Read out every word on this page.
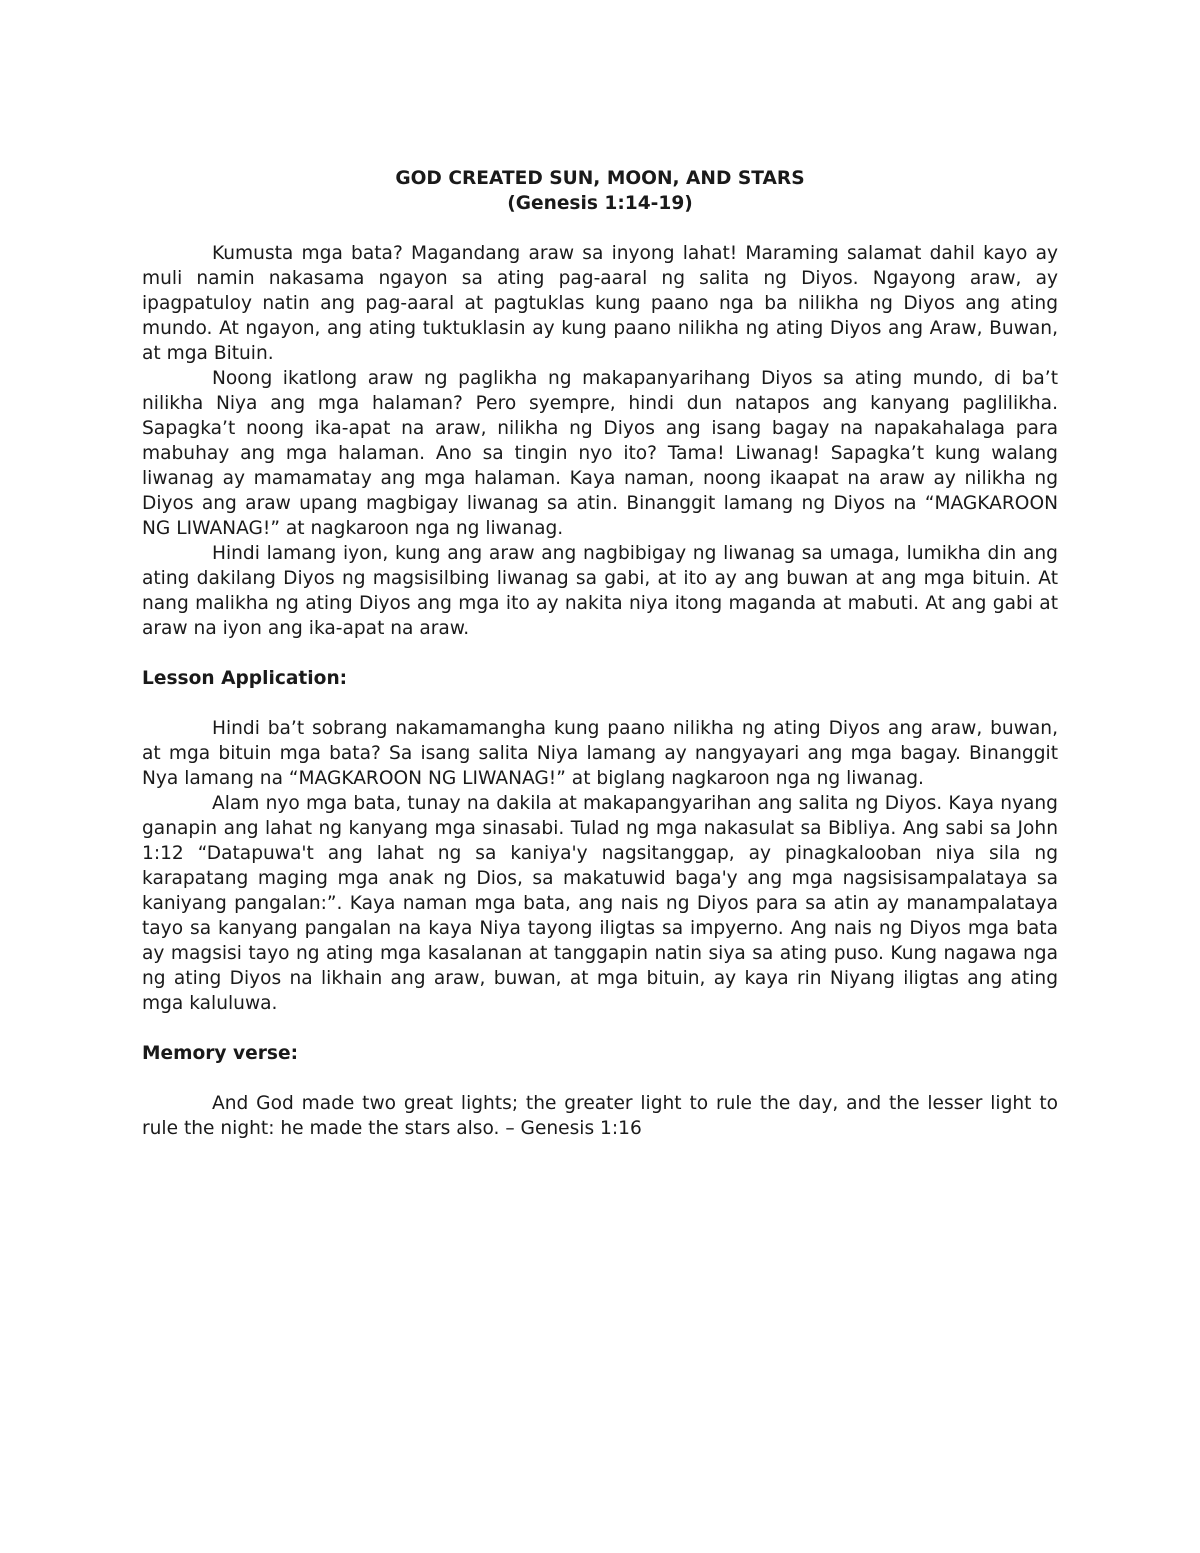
GOD CREATED SUN, MOON, AND STARS

(Genesis 1:14-19)

Kumusta mga bata? Magandang araw sa inyong lahat! Maraming salamat dahil kayo ay muli namin nakasama ngayon sa ating pag-aaral ng salita ng Diyos. Ngayong araw, ay ipagpatuloy natin ang pag-aaral at pagtuklas kung paano nga ba nilikha ng Diyos ang ating mundo. At ngayon, ang ating tuktuklasin ay kung paano nilikha ng ating Diyos ang Araw, Buwan, at mga Bituin.

Noong ikatlong araw ng paglikha ng makapanyarihang Diyos sa ating mundo, di ba’t nilikha Niya ang mga halaman? Pero syempre, hindi dun natapos ang kanyang paglilikha. Sapagka’t noong ika-apat na araw, nilikha ng Diyos ang isang bagay na napakahalaga para mabuhay ang mga halaman. Ano sa tingin nyo ito? Tama! Liwanag! Sapagka’t kung walang liwanag ay mamamatay ang mga halaman. Kaya naman, noong ikaapat na araw ay nilikha ng Diyos ang araw upang magbigay liwanag sa atin. Binanggit lamang ng Diyos na “MAGKAROON NG LIWANAG!” at nagkaroon nga ng liwanag.

Hindi lamang iyon, kung ang araw ang nagbibigay ng liwanag sa umaga, lumikha din ang ating dakilang Diyos ng magsisilbing liwanag sa gabi, at ito ay ang buwan at ang mga bituin. At nang malikha ng ating Diyos ang mga ito ay nakita niya itong maganda at mabuti. At ang gabi at araw na iyon ang ika-apat na araw.

Lesson Application:

Hindi ba’t sobrang nakamamangha kung paano nilikha ng ating Diyos ang araw, buwan, at mga bituin mga bata? Sa isang salita Niya lamang ay nangyayari ang mga bagay. Binanggit Nya lamang na “MAGKAROON NG LIWANAG!” at biglang nagkaroon nga ng liwanag.

Alam nyo mga bata, tunay na dakila at makapangyarihan ang salita ng Diyos. Kaya nyang ganapin ang lahat ng kanyang mga sinasabi. Tulad ng mga nakasulat sa Bibliya. Ang sabi sa John 1:12 “Datapuwa't ang lahat ng sa kaniya'y nagsitanggap, ay pinagkalooban niya sila ng karapatang maging mga anak ng Dios, sa makatuwid baga'y ang mga nagsisisampalataya sa kaniyang pangalan:”. Kaya naman mga bata, ang nais ng Diyos para sa atin ay manampalataya tayo sa kanyang pangalan na kaya Niya tayong iligtas sa impyerno. Ang nais ng Diyos mga bata ay magsisi tayo ng ating mga kasalanan at tanggapin natin siya sa ating puso. Kung nagawa nga ng ating Diyos na likhain ang araw, buwan, at mga bituin, ay kaya rin Niyang iligtas ang ating mga kaluluwa.

Memory verse:

And God made two great lights; the greater light to rule the day, and the lesser light to rule the night: he made the stars also. – Genesis 1:16
